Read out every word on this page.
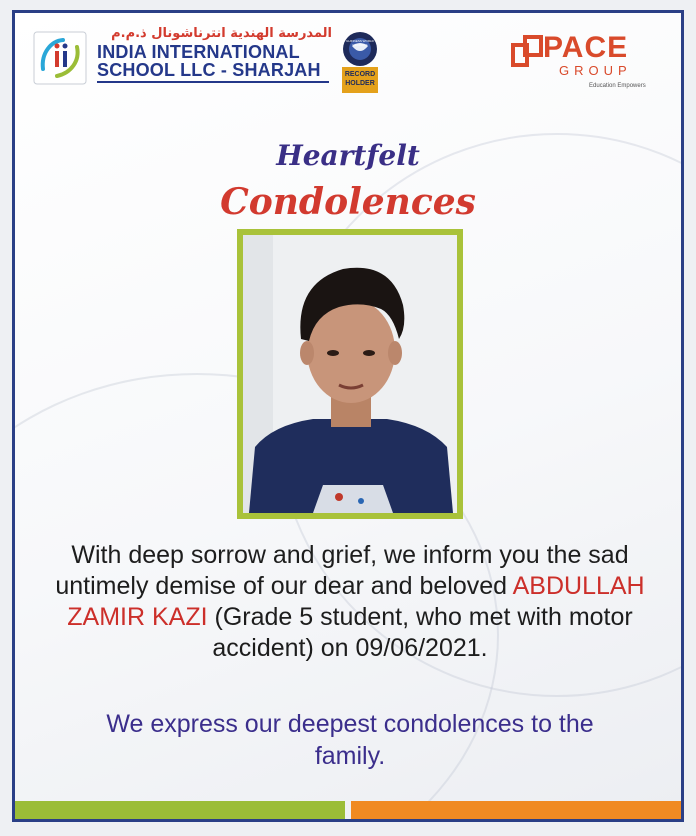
المدرسة الهندية انترناشونال ذ.م.م
INDIA INTERNATIONAL
SCHOOL LLC - SHARJAH	RECORD HOLDER
GUINNESS WORLD RECORDS	PACE
GROUP
Education Empowers
Heartfelt
Condolences
With deep sorrow and grief, we inform you the sad untimely demise of our dear and beloved ABDULLAH ZAMIR KAZI (Grade 5 student, who met with motor accident) on 09/06/2021.
We express our deepest condolences to the family.
